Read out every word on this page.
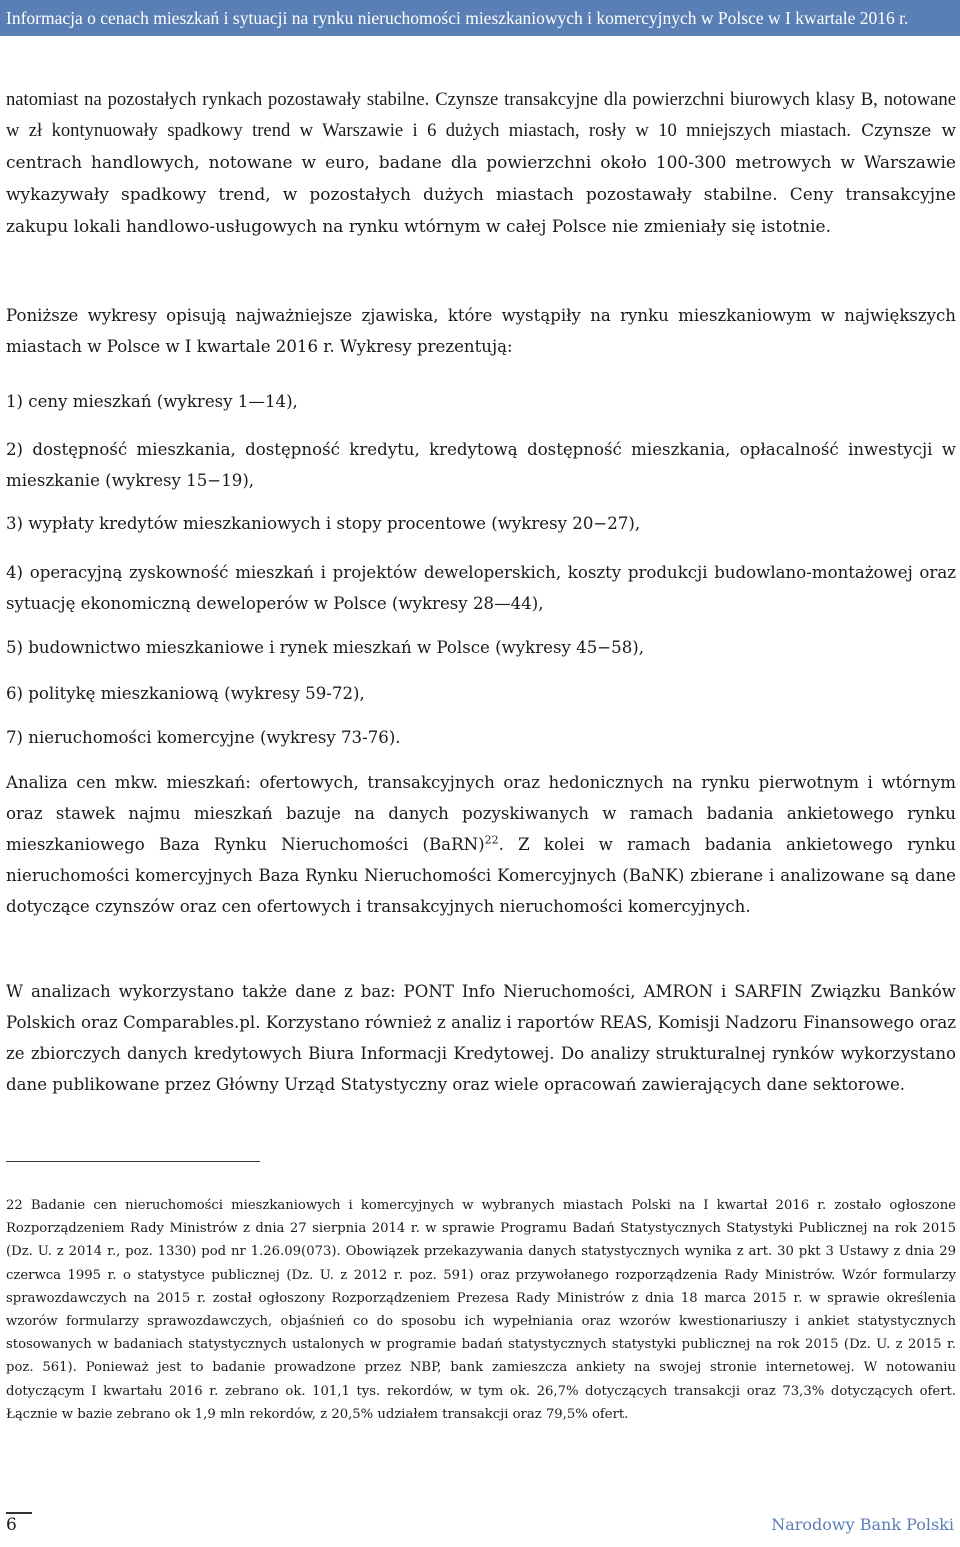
Informacja o cenach mieszkań i sytuacji na rynku nieruchomości mieszkaniowych i komercyjnych w Polsce w I kwartale 2016 r.
natomiast na pozostałych rynkach pozostawały stabilne. Czynsze transakcyjne dla powierzchni biurowych klasy B, notowane w zł kontynuowały spadkowy trend w Warszawie i 6 dużych miastach, rosły w 10 mniejszych miastach. Czynsze w centrach handlowych, notowane w euro, badane dla powierzchni około 100-300 metrowych w Warszawie wykazywały spadkowy trend, w pozostałych dużych miastach pozostawały stabilne. Ceny transakcyjne zakupu lokali handlowo-usługowych na rynku wtórnym w całej Polsce nie zmieniały się istotnie.

Poniższe wykresy opisują najważniejsze zjawiska, które wystąpiły na rynku mieszkaniowym w największych miastach w Polsce w I kwartale 2016 r. Wykresy prezentują:

1) ceny mieszkań (wykresy 1—14),

2) dostępność mieszkania, dostępność kredytu, kredytową dostępność mieszkania, opłacalność inwestycji w mieszkanie (wykresy 15−19),

3) wypłaty kredytów mieszkaniowych i stopy procentowe (wykresy 20−27),

4) operacyjną zyskowność mieszkań i projektów deweloperskich, koszty produkcji budowlano-montażowej oraz sytuację ekonomiczną deweloperów w Polsce (wykresy 28—44),

5) budownictwo mieszkaniowe i rynek mieszkań w Polsce (wykresy 45−58),

6) politykę mieszkaniową (wykresy 59-72),

7) nieruchomości komercyjne (wykresy 73-76).

Analiza cen mkw. mieszkań: ofertowych, transakcyjnych oraz hedonicznych na rynku pierwotnym i wtórnym oraz stawek najmu mieszkań bazuje na danych pozyskiwanych w ramach badania ankietowego rynku mieszkaniowego Baza Rynku Nieruchomości (BaRN)$^{22}$. Z kolei w ramach badania ankietowego rynku nieruchomości komercyjnych Baza Rynku Nieruchomości Komercyjnych (BaNK) zbierane i analizowane są dane dotyczące czynszów oraz cen ofertowych i transakcyjnych nieruchomości komercyjnych.

W analizach wykorzystano także dane z baz: PONT Info Nieruchomości, AMRON i SARFIN Związku Banków Polskich oraz Comparables.pl. Korzystano również z analiz i raportów REAS, Komisji Nadzoru Finansowego oraz ze zbiorczych danych kredytowych Biura Informacji Kredytowej. Do analizy strukturalnej rynków wykorzystano dane publikowane przez Główny Urząd Statystyczny oraz wiele opracowań zawierających dane sektorowe.

22 Badanie cen nieruchomości mieszkaniowych i komercyjnych w wybranych miastach Polski na I kwartał 2016 r. zostało ogłoszone Rozporządzeniem Rady Ministrów z dnia 27 sierpnia 2014 r. w sprawie Programu Badań Statystycznych Statystyki Publicznej na rok 2015 (Dz. U. z 2014 r., poz. 1330) pod nr 1.26.09(073). Obowiązek przekazywania danych statystycznych wynika z art. 30 pkt 3 Ustawy z dnia 29 czerwca 1995 r. o statystyce publicznej (Dz. U. z 2012 r. poz. 591) oraz przywołanego rozporządzenia Rady Ministrów. Wzór formularzy sprawozdawczych na 2015 r. został ogłoszony Rozporządzeniem Prezesa Rady Ministrów z dnia 18 marca 2015 r. w sprawie określenia wzorów formularzy sprawozdawczych, objaśnień co do sposobu ich wypełniania oraz wzorów kwestionariuszy i ankiet statystycznych stosowanych w badaniach statystycznych ustalonych w programie badań statystycznych statystyki publicznej na rok 2015 (Dz. U. z 2015 r. poz. 561). Ponieważ jest to badanie prowadzone przez NBP, bank zamieszcza ankiety na swojej stronie internetowej. W notowaniu dotyczącym I kwartału 2016 r. zebrano ok. 101,1 tys. rekordów, w tym ok. 26,7% dotyczących transakcji oraz 73,3% dotyczących ofert. Łącznie w bazie zebrano ok 1,9 mln rekordów, z 20,5% udziałem transakcji oraz 79,5% ofert.

6	Narodowy Bank Polski
